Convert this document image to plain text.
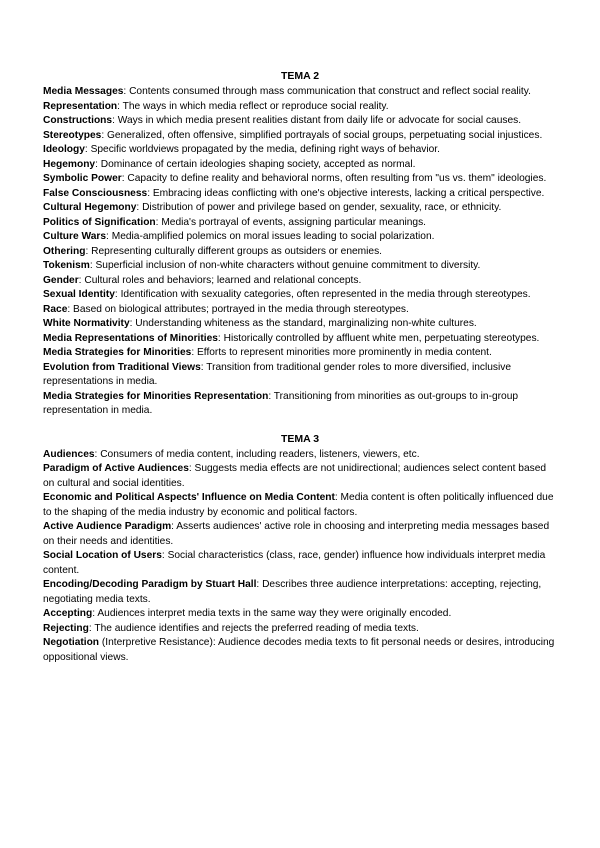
TEMA 2

Media Messages: Contents consumed through mass communication that construct and reflect social reality.

Representation: The ways in which media reflect or reproduce social reality.

Constructions: Ways in which media present realities distant from daily life or advocate for social causes.

Stereotypes: Generalized, often offensive, simplified portrayals of social groups, perpetuating social injustices.

Ideology: Specific worldviews propagated by the media, defining right ways of behavior.

Hegemony: Dominance of certain ideologies shaping society, accepted as normal.

Symbolic Power: Capacity to define reality and behavioral norms, often resulting from "us vs. them" ideologies.

False Consciousness: Embracing ideas conflicting with one's objective interests, lacking a critical perspective.

Cultural Hegemony: Distribution of power and privilege based on gender, sexuality, race, or ethnicity.

Politics of Signification: Media's portrayal of events, assigning particular meanings.

Culture Wars: Media-amplified polemics on moral issues leading to social polarization.

Othering: Representing culturally different groups as outsiders or enemies.

Tokenism: Superficial inclusion of non-white characters without genuine commitment to diversity.

Gender: Cultural roles and behaviors; learned and relational concepts.

Sexual Identity: Identification with sexuality categories, often represented in the media through stereotypes.

Race: Based on biological attributes; portrayed in the media through stereotypes.

White Normativity: Understanding whiteness as the standard, marginalizing non-white cultures.

Media Representations of Minorities: Historically controlled by affluent white men, perpetuating stereotypes.

Media Strategies for Minorities: Efforts to represent minorities more prominently in media content.

Evolution from Traditional Views: Transition from traditional gender roles to more diversified, inclusive representations in media.

Media Strategies for Minorities Representation: Transitioning from minorities as out-groups to in-group representation in media.

TEMA 3

Audiences: Consumers of media content, including readers, listeners, viewers, etc.

Paradigm of Active Audiences: Suggests media effects are not unidirectional; audiences select content based on cultural and social identities.

Economic and Political Aspects' Influence on Media Content: Media content is often politically influenced due to the shaping of the media industry by economic and political factors.

Active Audience Paradigm: Asserts audiences' active role in choosing and interpreting media messages based on their needs and identities.

Social Location of Users: Social characteristics (class, race, gender) influence how individuals interpret media content.

Encoding/Decoding Paradigm by Stuart Hall: Describes three audience interpretations: accepting, rejecting, negotiating media texts.

Accepting: Audiences interpret media texts in the same way they were originally encoded.

Rejecting: The audience identifies and rejects the preferred reading of media texts.

Negotiation (Interpretive Resistance): Audience decodes media texts to fit personal needs or desires, introducing oppositional views.
